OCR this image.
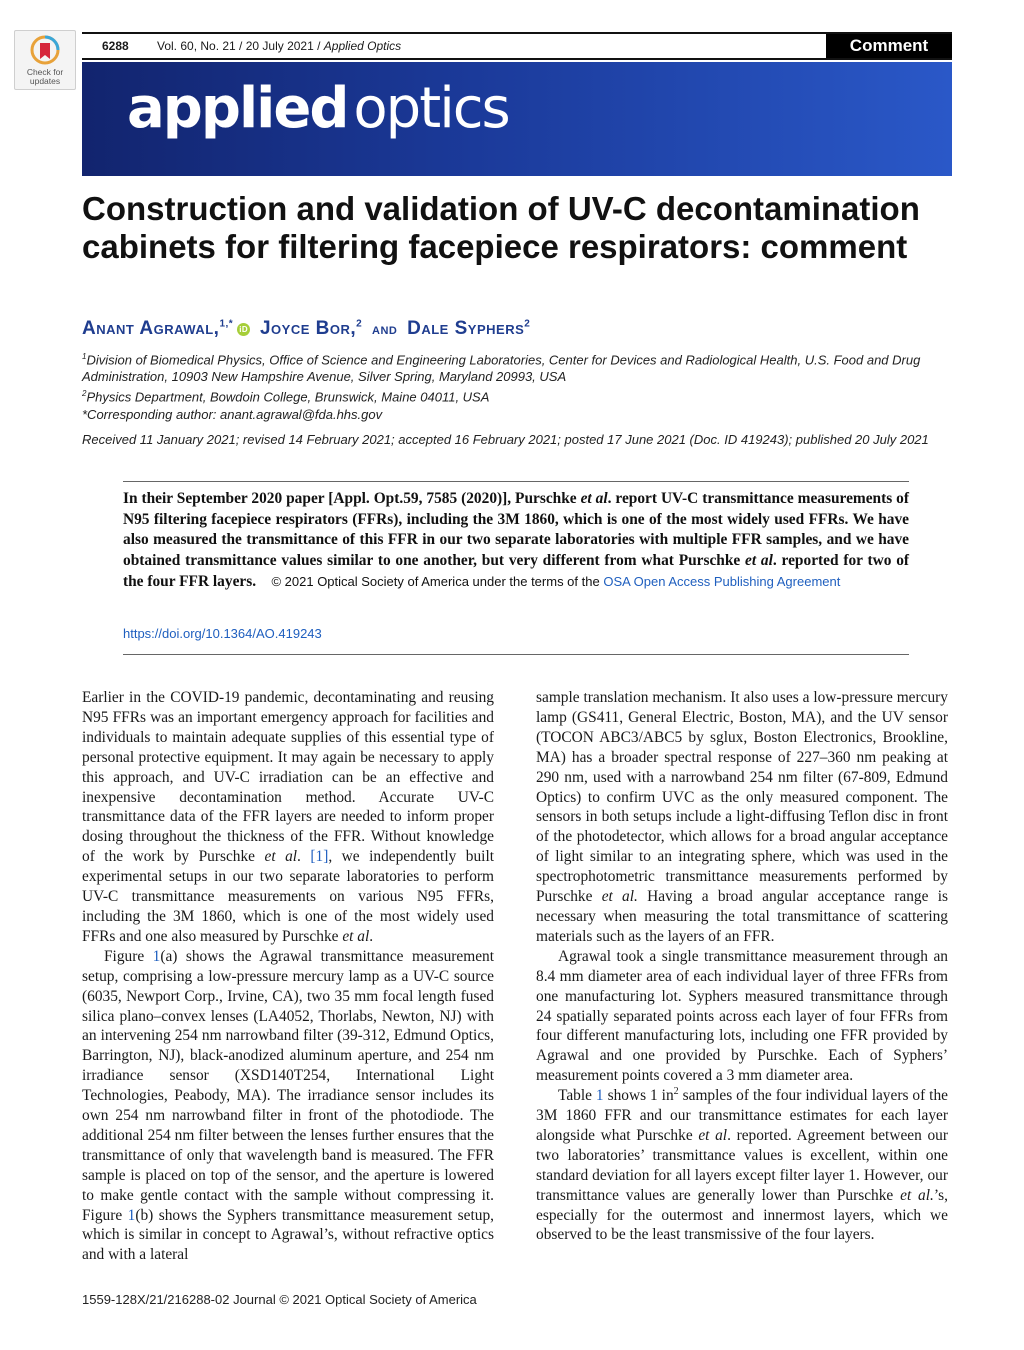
Check for
updates
6288 Vol. 60, No. 21 / 20 July 2021 / Applied Optics	Comment
applied optics
Construction and validation of UV-C decontamination cabinets for filtering facepiece respirators: comment
Anant Agrawal,$^{1,*}$ iD Joyce Bor,$^2$ and Dale Syphers$^2$

$^1$Division of Biomedical Physics, Office of Science and Engineering Laboratories, Center for Devices and Radiological Health, U.S. Food and Drug Administration, 10903 New Hampshire Avenue, Silver Spring, Maryland 20993, USA

$^2$Physics Department, Bowdoin College, Brunswick, Maine 04011, USA

*Corresponding author: anant.agrawal@fda.hhs.gov

Received 11 January 2021; revised 14 February 2021; accepted 16 February 2021; posted 17 June 2021 (Doc. ID 419243); published 20 July 2021
In their September 2020 paper [Appl. Opt.59, 7585 (2020)], Purschke et al. report UV-C transmittance measurements of N95 filtering facepiece respirators (FFRs), including the 3M 1860, which is one of the most widely used FFRs. We have also measured the transmittance of this FFR in our two separate laboratories with multiple FFR samples, and we have obtained transmittance values similar to one another, but very different from what Purschke et al. reported for two of the four FFR layers. © 2021 Optical Society of America under the terms of the OSA Open Access Publishing Agreement
https://doi.org/10.1364/AO.419243

Earlier in the COVID-19 pandemic, decontaminating and reusing N95 FFRs was an important emergency approach for facilities and individuals to maintain adequate supplies of this essential type of personal protective equipment. It may again be necessary to apply this approach, and UV-C irradiation can be an effective and inexpensive decontamination method. Accurate UV-C transmittance data of the FFR layers are needed to inform proper dosing throughout the thickness of the FFR. Without knowledge of the work by Purschke et al. [1], we independently built experimental setups in our two separate laboratories to perform UV-C transmittance measurements on various N95 FFRs, including the 3M 1860, which is one of the most widely used FFRs and one also measured by Purschke et al.

Figure 1(a) shows the Agrawal transmittance measurement setup, comprising a low-pressure mercury lamp as a UV-C source (6035, Newport Corp., Irvine, CA), two 35 mm focal length fused silica plano–convex lenses (LA4052, Thorlabs, Newton, NJ) with an intervening 254 nm narrowband filter (39-312, Edmund Optics, Barrington, NJ), black-anodized aluminum aperture, and 254 nm irradiance sensor (XSD140T254, International Light Technologies, Peabody, MA). The irradiance sensor includes its own 254 nm narrowband filter in front of the photodiode. The additional 254 nm filter between the lenses further ensures that the transmittance of only that wavelength band is measured. The FFR sample is placed on top of the sensor, and the aperture is lowered to make gentle contact with the sample without compressing it. Figure 1(b) shows the Syphers transmittance measurement setup, which is similar in concept to Agrawal’s, without refractive optics and with a lateral

sample translation mechanism. It also uses a low-pressure mercury lamp (GS411, General Electric, Boston, MA), and the UV sensor (TOCON ABC3/ABC5 by sglux, Boston Electronics, Brookline, MA) has a broader spectral response of 227–360 nm peaking at 290 nm, used with a narrowband 254 nm filter (67-809, Edmund Optics) to confirm UVC as the only measured component. The sensors in both setups include a light-diffusing Teflon disc in front of the photodetector, which allows for a broad angular acceptance of light similar to an integrating sphere, which was used in the spectrophotometric transmittance measurements performed by Purschke et al. Having a broad angular acceptance range is necessary when measuring the total transmittance of scattering materials such as the layers of an FFR.

Agrawal took a single transmittance measurement through an 8.4 mm diameter area of each individual layer of three FFRs from one manufacturing lot. Syphers measured transmittance through 24 spatially separated points across each layer of four FFRs from four different manufacturing lots, including one FFR provided by Agrawal and one provided by Purschke. Each of Syphers’ measurement points covered a 3 mm diameter area.

Table 1 shows 1 $in^2$ samples of the four individual layers of the 3M 1860 FFR and our transmittance estimates for each layer alongside what Purschke et al. reported. Agreement between our two laboratories’ transmittance values is excellent, within one standard deviation for all layers except filter layer 1. However, our transmittance values are generally lower than Purschke et al.’s, especially for the outermost and innermost layers, which we observed to be the least transmissive of the four layers.

1559-128X/21/216288-02 Journal © 2021 Optical Society of America
